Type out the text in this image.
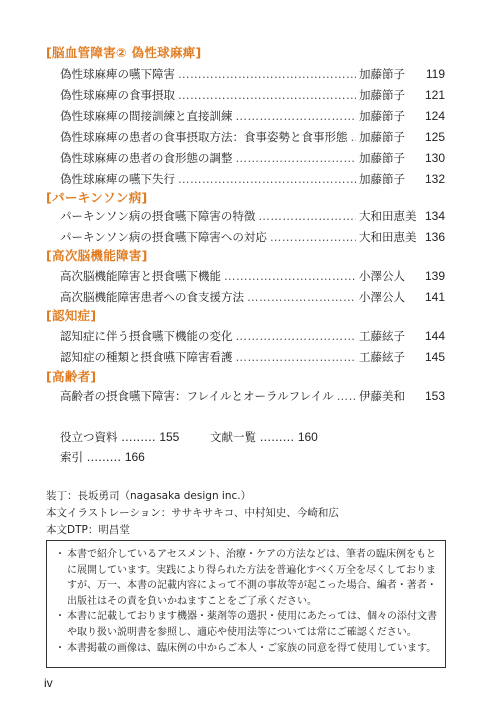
[脳血管障害② 偽性球麻痺]
偽性球麻痺の嚥下障害 …………………………………………………………………………………………………………	加藤節子	119
偽性球麻痺の食事摂取 …………………………………………………………………………………………………………	加藤節子	121
偽性球麻痺の間接訓練と直接訓練 …………………………………………………………………………………………………………	加藤節子	124
偽性球麻痺の患者の食事摂取方法：食事姿勢と食事形態 ………………………………………………………………………………………………………… 加藤節子	125
偽性球麻痺の患者の食形態の調整 …………………………………………………………………………………………………………	加藤節子	130
偽性球麻痺の嚥下失行 …………………………………………………………………………………………………………	加藤節子	132
[パーキンソン病]
パーキンソン病の摂食嚥下障害の特徴 …………………………………………………………………………………………………………	大和田恵美 134
パーキンソン病の摂食嚥下障害への対応 …………………………………………………………………………………………………………	大和田恵美 136
[高次脳機能障害]
高次脳機能障害と摂食嚥下機能 …………………………………………………………………………………………………………	小澤公人	139
高次脳機能障害患者への食支援方法 …………………………………………………………………………………………………………	小澤公人	141
[認知症]
認知症に伴う摂食嚥下機能の変化 …………………………………………………………………………………………………………	工藤絃子	144
認知症の種類と摂食嚥下障害看護 …………………………………………………………………………………………………………	工藤絃子	145
[高齢者]
高齢者の摂食嚥下障害：フレイルとオーラルフレイル ………………………………………………………………………………………………………… 伊藤美和	153
役立つ資料 ……… 155	文献一覧 ……… 160
索引 ……… 166
装丁：長坂勇司（nagasaka design inc.）
本文イラストレーション：ササキサキコ、中村知史、今崎和広
本文DTP：明昌堂
・ 本書で紹介しているアセスメント、治療・ケアの方法などは、筆者の臨床例をもとに展開しています。実践により得られた方法を普遍化すべく万全を尽くしておりますが、万一、本書の記載内容によって不測の事故等が起こった場合、編者・著者・出版社はその責を負いかねますことをご了承ください。
・ 本書に記載しております機器・薬剤等の選択・使用にあたっては、個々の添付文書や取り扱い説明書を参照し、適応や使用法等については常にご確認ください。
・ 本書掲載の画像は、臨床例の中からご本人・ご家族の同意を得て使用しています。
iv
